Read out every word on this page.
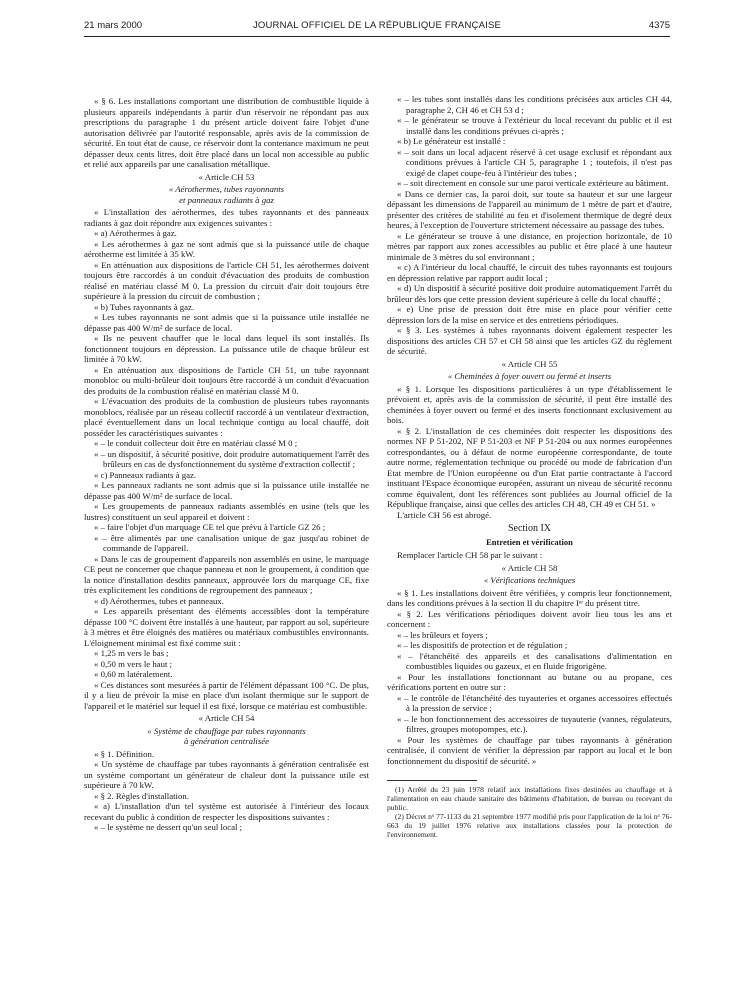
21 mars 2000	JOURNAL OFFICIEL DE LA RÉPUBLIQUE FRANÇAISE	4375

« § 6. Les installations comportant une distribution de combustible liquide à plusieurs appareils indépendants à partir d'un réservoir ne répondant pas aux prescriptions du paragraphe 1 du présent article doivent faire l'objet d'une autorisation délivrée par l'autorité responsable, après avis de la commission de sécurité. En tout état de cause, ce réservoir dont la contenance maximum ne peut dépasser deux cents litres, doit être placé dans un local non accessible au public et relié aux appareils par une canalisation métallique.

« Article CH 53

« Aérothermes, tubes rayonnants

et panneaux radiants à gaz

« L'installation des aérothermes, des tubes rayonnants et des panneaux radiants à gaz doit répondre aux exigences suivantes :

« a) Aérothermes à gaz.

« Les aérothermes à gaz ne sont admis que si la puissance utile de chaque aérotherme est limitée à 35 kW.

« En atténuation aux dispositions de l'article CH 51, les aérothermes doivent toujours être raccordés à un conduit d'évacuation des produits de combustion réalisé en matériau classé M 0. La pression du circuit d'air doit toujours être supérieure à la pression du circuit de combustion ;

« b) Tubes rayonnants à gaz.

« Les tubes rayonnants ne sont admis que si la puissance utile installée ne dépasse pas 400 W/m² de surface de local.

« Ils ne peuvent chauffer que le local dans lequel ils sont installés. Ils fonctionnent toujours en dépression. La puissance utile de chaque brûleur est limitée à 70 kW.

« En atténuation aux dispositions de l'article CH 51, un tube rayonnant monobloc ou multi-brûleur doit toujours être raccordé à un conduit d'évacuation des produits de la combustion réalisé en matériau classé M 0.

« L'évacuation des produits de la combustion de plusieurs tubes rayonnants monoblocs, réalisée par un réseau collectif raccordé à un ventilateur d'extraction, placé éventuellement dans un local technique contigu au local chauffé, doit posséder les caractéristiques suivantes :

« – le conduit collecteur doit être en matériau classé M 0 ;

« – un dispositif, à sécurité positive, doit produire automatiquement l'arrêt des brûleurs en cas de dysfonctionnement du système d'extraction collectif ;

« c) Panneaux radiants à gaz.

« Les panneaux radiants ne sont admis que si la puissance utile installée ne dépasse pas 400 W/m² de surface de local.

« Les groupements de panneaux radiants assemblés en usine (tels que les lustres) constituent un seul appareil et doivent :

« – faire l'objet d'un marquage CE tel que prévu à l'article GZ 26 ;

« – être alimentés par une canalisation unique de gaz jusqu'au robinet de commande de l'appareil.

« Dans le cas de groupement d'appareils non assemblés en usine, le marquage CE peut ne concerner que chaque panneau et non le groupement, à condition que la notice d'installation desdits panneaux, approuvée lors du marquage CE, fixe très explicitement les conditions de regroupement des panneaux ;

« d) Aérothermes, tubes et panneaux.

« Les appareils présentant des éléments accessibles dont la température dépasse 100 °C doivent être installés à une hauteur, par rapport au sol, supérieure à 3 mètres et être éloignés des matières ou matériaux combustibles environnants. L'éloignement minimal est fixé comme suit :

« 1,25 m vers le bas ;

« 0,50 m vers le haut ;

« 0,60 m latéralement.

« Ces distances sont mesurées à partir de l'élément dépassant 100 °C. De plus, il y a lieu de prévoir la mise en place d'un isolant thermique sur le support de l'appareil et le matériel sur lequel il est fixé, lorsque ce matériau est combustible.

« Article CH 54

« Système de chauffage par tubes rayonnants

à génération centralisée

« § 1. Définition.

« Un système de chauffage par tubes rayonnants à génération centralisée est un système comportant un générateur de chaleur dont la puissance utile est supérieure à 70 kW.

« § 2. Règles d'installation.

« a) L'installation d'un tel système est autorisée à l'intérieur des locaux recevant du public à condition de respecter les dispositions suivantes :

« – le système ne dessert qu'un seul local ;

« – les tubes sont installés dans les conditions précisées aux articles CH 44, paragraphe 2, CH 46 et CH 53 d ;

« – le générateur se trouve à l'extérieur du local recevant du public et il est installé dans les conditions prévues ci-après ;

« b) Le générateur est installé :

« – soit dans un local adjacent réservé à cet usage exclusif et répondant aux conditions prévues à l'article CH 5, paragraphe 1 ; toutefois, il n'est pas exigé de clapet coupe-feu à l'intérieur des tubes ;

« – soit directement en console sur une paroi verticale extérieure au bâtiment.

« Dans ce dernier cas, la paroi doit, sur toute sa hauteur et sur une largeur dépassant les dimensions de l'appareil au minimum de 1 mètre de part et d'autre, présenter des critères de stabilité au feu et d'isolement thermique de degré deux heures, à l'exception de l'ouverture strictement nécessaire au passage des tubes.

« Le générateur se trouve à une distance, en projection horizontale, de 10 mètres par rapport aux zones accessibles au public et être placé à une hauteur minimale de 3 mètres du sol environnant ;

« c) A l'intérieur du local chauffé, le circuit des tubes rayonnants est toujours en dépression relative par rapport audit local ;

« d) Un dispositif à sécurité positive doit produire automatiquement l'arrêt du brûleur dès lors que cette pression devient supérieure à celle du local chauffé ;

« e) Une prise de pression doit être mise en place pour vérifier cette dépression lors de la mise en service et des entretiens périodiques.

« § 3. Les systèmes à tubes rayonnants doivent également respecter les dispositions des articles CH 57 et CH 58 ainsi que les articles GZ du règlement de sécurité.

« Article CH 55

« Cheminées à foyer ouvert ou fermé et inserts

« § 1. Lorsque les dispositions particulières à un type d'établissement le prévoient et, après avis de la commission de sécurité, il peut être installé des cheminées à foyer ouvert ou fermé et des inserts fonctionnant exclusivement au bois.

« § 2. L'installation de ces cheminées doit respecter les dispositions des normes NF P 51-202, NF P 51-203 et NF P 51-204 ou aux normes européennes correspondantes, ou à défaut de norme européenne correspondante, de toute autre norme, réglementation technique ou procédé ou mode de fabrication d'un Etat membre de l'Union européenne ou d'un Etat partie contractante à l'accord instituant l'Espace économique européen, assurant un niveau de sécurité reconnu comme équivalent, dont les références sont publiées au Journal officiel de la République française, ainsi que celles des articles CH 48, CH 49 et CH 51. »

L'article CH 56 est abrogé.

Section IX

Entretien et vérification

Remplacer l'article CH 58 par le suivant :

« Article CH 58

« Vérifications techniques

« § 1. Les installations doivent être vérifiées, y compris leur fonctionnement, dans les conditions prévues à la section II du chapitre Iᵉʳ du présent titre.

« § 2. Les vérifications périodiques doivent avoir lieu tous les ans et concernent :

« – les brûleurs et foyers ;

« – les dispositifs de protection et de régulation ;

« – l'étanchéité des appareils et des canalisations d'alimentation en combustibles liquides ou gazeux, et en fluide frigorigène.

« Pour les installations fonctionnant au butane ou au propane, ces vérifications portent en outre sur :

« – le contrôle de l'étanchéité des tuyauteries et organes accessoires effectués à la pression de service ;

« – le bon fonctionnement des accessoires de tuyauterie (vannes, régulateurs, filtres, groupes motopompes, etc.).

« Pour les systèmes de chauffage par tubes rayonnants à génération centralisée, il convient de vérifier la dépression par rapport au local et le bon fonctionnement du dispositif de sécurité. »

(1) Arrêté du 23 juin 1978 relatif aux installations fixes destinées au chauffage et à l'alimentation en eau chaude sanitaire des bâtiments d'habitation, de bureau ou recevant du public.

(2) Décret nᵒ 77-1133 du 21 septembre 1977 modifié pris pour l'application de la loi nᵒ 76-663 du 19 juillet 1976 relative aux installations classées pour la protection de l'environnement.
